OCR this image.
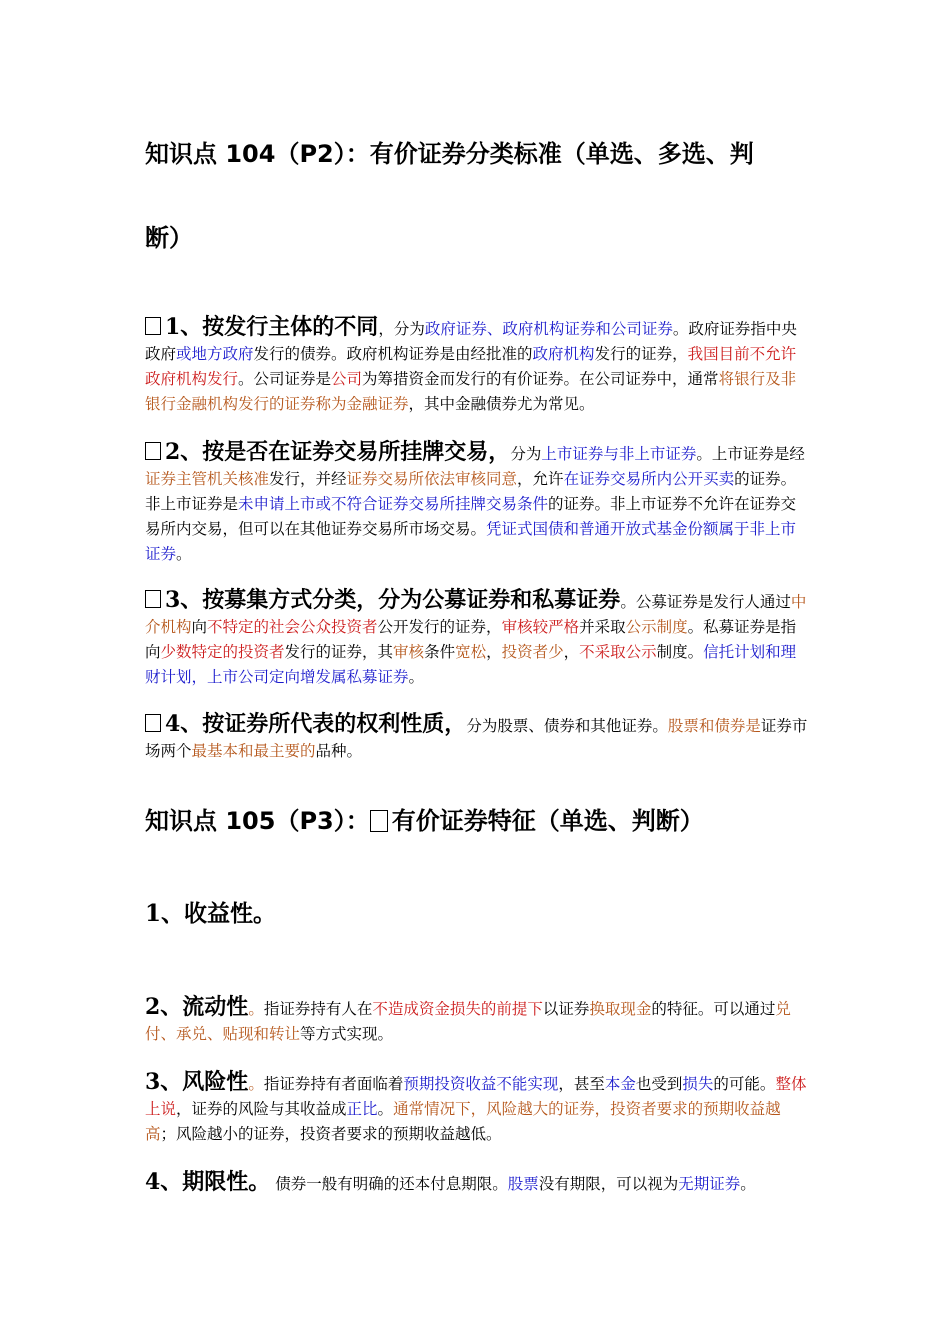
知识点 104（P2）：有价证券分类标准（单选、多选、判

断）

1、按发行主体的不同，分为政府证券、政府机构证券和公司证券。政府证券指中央政府或地方政府发行的债券。政府机构证券是由经批准的政府机构发行的证券，我国目前不允许政府机构发行。公司证券是公司为筹措资金而发行的有价证券。在公司证券中，通常将银行及非银行金融机构发行的证券称为金融证券，其中金融债券尤为常见。

2、按是否在证券交易所挂牌交易，分为上市证券与非上市证券。上市证券是经证券主管机关核准发行，并经证券交易所依法审核同意，允许在证券交易所内公开买卖的证券。非上市证券是未申请上市或不符合证券交易所挂牌交易条件的证券。非上市证券不允许在证券交易所内交易，但可以在其他证券交易所市场交易。凭证式国债和普通开放式基金份额属于非上市证券。

3、按募集方式分类，分为公募证券和私募证券。公募证券是发行人通过中介机构向不特定的社会公众投资者公开发行的证券，审核较严格并采取公示制度。私募证券是指向少数特定的投资者发行的证券，其审核条件宽松，投资者少，不采取公示制度。信托计划和理财计划，上市公司定向增发属私募证券。

4、按证券所代表的权利性质，分为股票、债券和其他证券。股票和债券是证券市场两个最基本和最主要的品种。

知识点 105（P3）： 有价证券特征（单选、判断）

1、收益性。

2、流动性。指证券持有人在不造成资金损失的前提下以证券换取现金的特征。可以通过兑付、承兑、贴现和转让等方式实现。

3、风险性。指证券持有者面临着预期投资收益不能实现，甚至本金也受到损失的可能。整体上说，证券的风险与其收益成正比。通常情况下，风险越大的证券，投资者要求的预期收益越高；风险越小的证券，投资者要求的预期收益越低。

4、期限性。 债券一般有明确的还本付息期限。股票没有期限，可以视为无期证券。
